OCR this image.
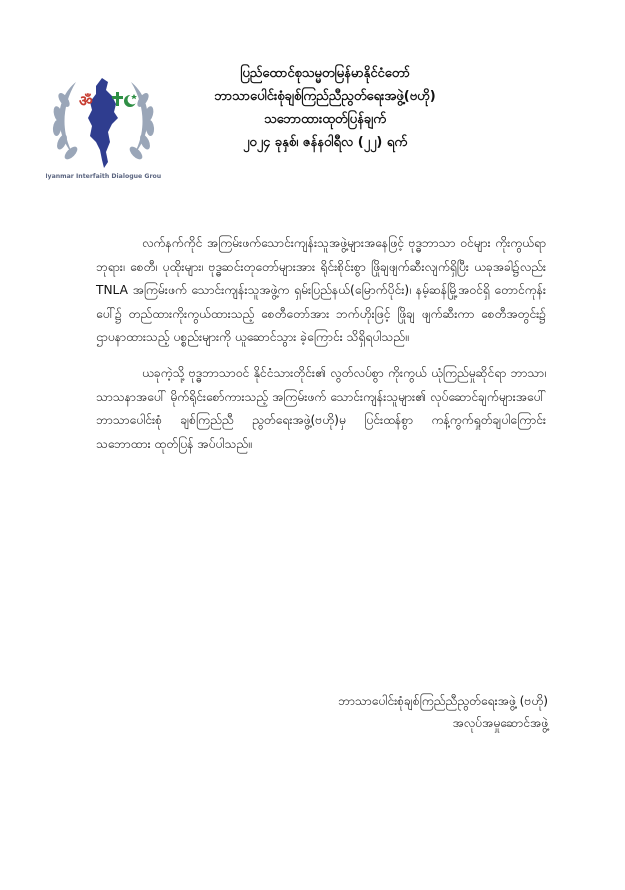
ॐ
Myanmar Interfaith Dialogue Group
ပြည်ထောင်စုသမ္မတမြန်မာနိုင်ငံတော်
ဘာသာပေါင်းစုံချစ်ကြည်ညီညွတ်ရေးအဖွဲ့(ဗဟို)
သဘောထားထုတ်ပြန်ချက်
၂၀၂၄ ခုနှစ်၊ ဇန်နဝါရီလ (၂၂) ရက်

လက်နက်ကိုင် အကြမ်းဖက်သောင်းကျန်းသူအဖွဲ့များအနေဖြင့် ဗုဒ္ဓဘာသာ ဝင်များ ကိုးကွယ်ရာ ဘုရား၊ စေတီ၊ ပုထိုးများ၊ ဗုဒ္ဓဆင်းတုတော်များအား ရိုင်းစိုင်းစွာ ဖြိုချဖျက်ဆီးလျက်ရှိပြီး ယခုအခါ၌လည်း TNLA အကြမ်းဖက် သောင်းကျန်းသူအဖွဲ့က ရှမ်းပြည်နယ်(မြောက်ပိုင်း)၊ နမ့်ဆန်မြို့အဝင်ရှိ တောင်ကုန်း ပေါ်၌ တည်ထားကိုးကွယ်ထားသည့် စေတီတော်အား ဘက်ဟိုးဖြင့် ဖြိုချ ဖျက်ဆီးကာ စေတီအတွင်း၌ ဌာပနာထားသည့် ပစ္စည်းများကို ယူဆောင်သွား ခဲ့ကြောင်း သိရှိရပါသည်။

ယခုကဲ့သို့ ဗုဒ္ဓဘာသာဝင် နိုင်ငံသားတိုင်း၏ လွတ်လပ်စွာ ကိုးကွယ် ယုံကြည်မှုဆိုင်ရာ ဘာသာ၊ သာသနာအပေါ် မိုက်ရိုင်းစော်ကားသည့် အကြမ်းဖက် သောင်းကျန်းသူများ၏ လုပ်ဆောင်ချက်များအပေါ် ဘာသာပေါင်းစုံ ချစ်ကြည်ညီ ညွတ်ရေးအဖွဲ့(ဗဟို)မှ ပြင်းထန်စွာ ကန့်ကွက်ရှုတ်ချပါကြောင်း သဘောထား ထုတ်ပြန် အပ်ပါသည်။

ဘာသာပေါင်းစုံချစ်ကြည်ညီညွတ်ရေးအဖွဲ့ (ဗဟို)
အလုပ်အမှုဆောင်အဖွဲ့
